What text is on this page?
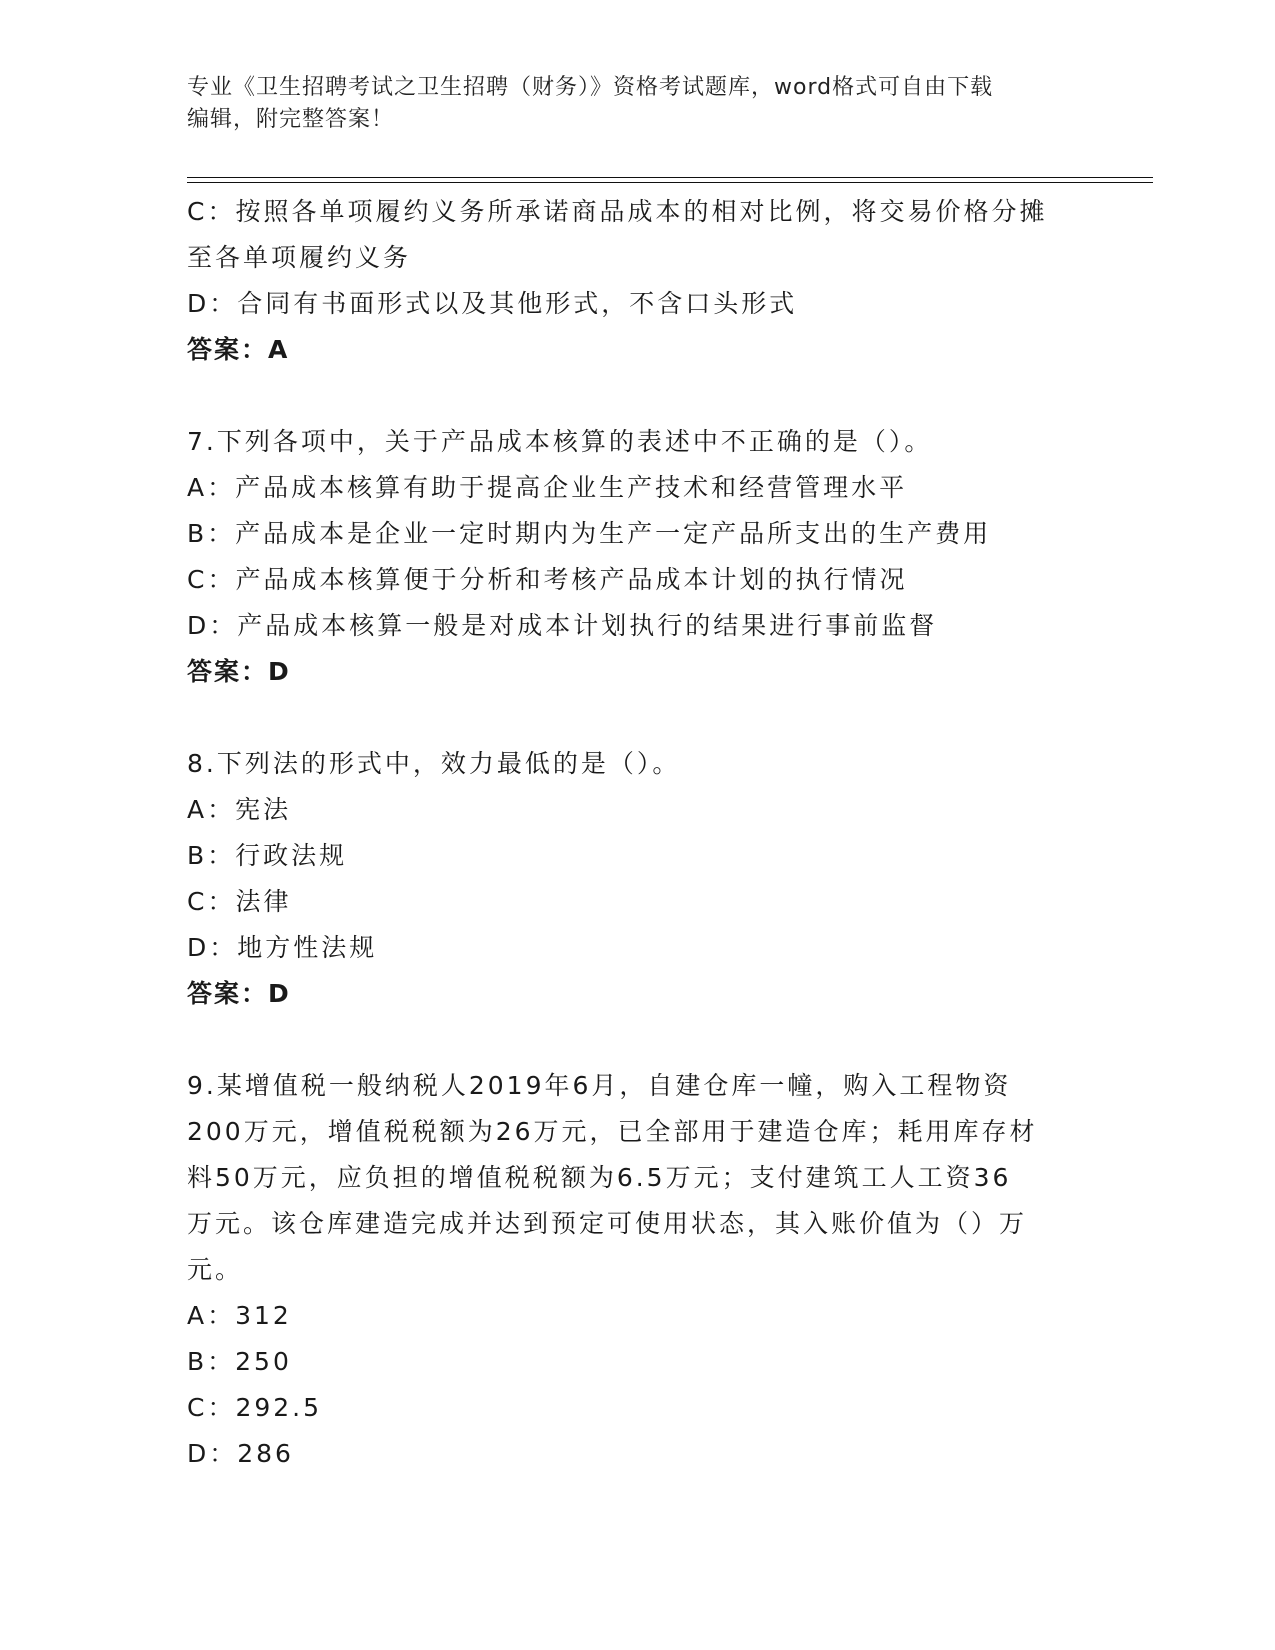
专业《卫生招聘考试之卫生招聘（财务）》资格考试题库，word格式可自由下载
编辑，附完整答案！
C：按照各单项履约义务所承诺商品成本的相对比例，将交易价格分摊
至各单项履约义务
D：合同有书面形式以及其他形式，不含口头形式
答案：A
7.下列各项中，关于产品成本核算的表述中不正确的是（）。
A：产品成本核算有助于提高企业生产技术和经营管理水平
B：产品成本是企业一定时期内为生产一定产品所支出的生产费用
C：产品成本核算便于分析和考核产品成本计划的执行情况
D：产品成本核算一般是对成本计划执行的结果进行事前监督
答案：D
8.下列法的形式中，效力最低的是（）。
A：宪法
B：行政法规
C：法律
D：地方性法规
答案：D
9.某增值税一般纳税人2019年6月，自建仓库一幢，购入工程物资
200万元，增值税税额为26万元，已全部用于建造仓库；耗用库存材
料50万元，应负担的增值税税额为6.5万元；支付建筑工人工资36
万元。该仓库建造完成并达到预定可使用状态，其入账价值为（）万
元。
A：312
B：250
C：292.5
D：286
